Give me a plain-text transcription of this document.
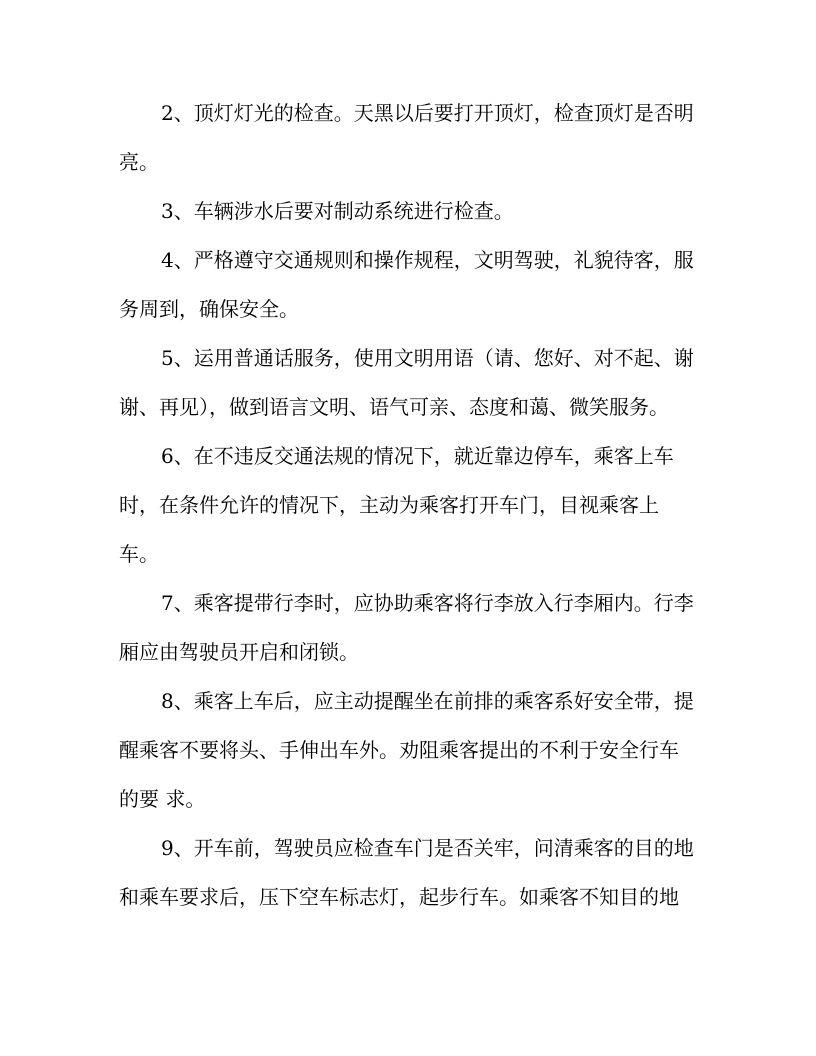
2、顶灯灯光的检查。天黑以后要打开顶灯，检查顶灯是否明
亮。
3、车辆涉水后要对制动系统进行检查。
4、严格遵守交通规则和操作规程，文明驾驶，礼貌待客，服
务周到，确保安全。
5、运用普通话服务，使用文明用语（请、您好、对不起、谢
谢、再见），做到语言文明、语气可亲、态度和蔼、微笑服务。
6、在不违反交通法规的情况下，就近靠边停车，乘客上车
时，在条件允许的情况下，主动为乘客打开车门，目视乘客上
车。
7、乘客提带行李时，应协助乘客将行李放入行李厢内。行李
厢应由驾驶员开启和闭锁。
8、乘客上车后，应主动提醒坐在前排的乘客系好安全带，提
醒乘客不要将头、手伸出车外。劝阻乘客提出的不利于安全行车
的要 求。
9、开车前，驾驶员应检查车门是否关牢，问清乘客的目的地
和乘车要求后，压下空车标志灯，起步行车。如乘客不知目的地
